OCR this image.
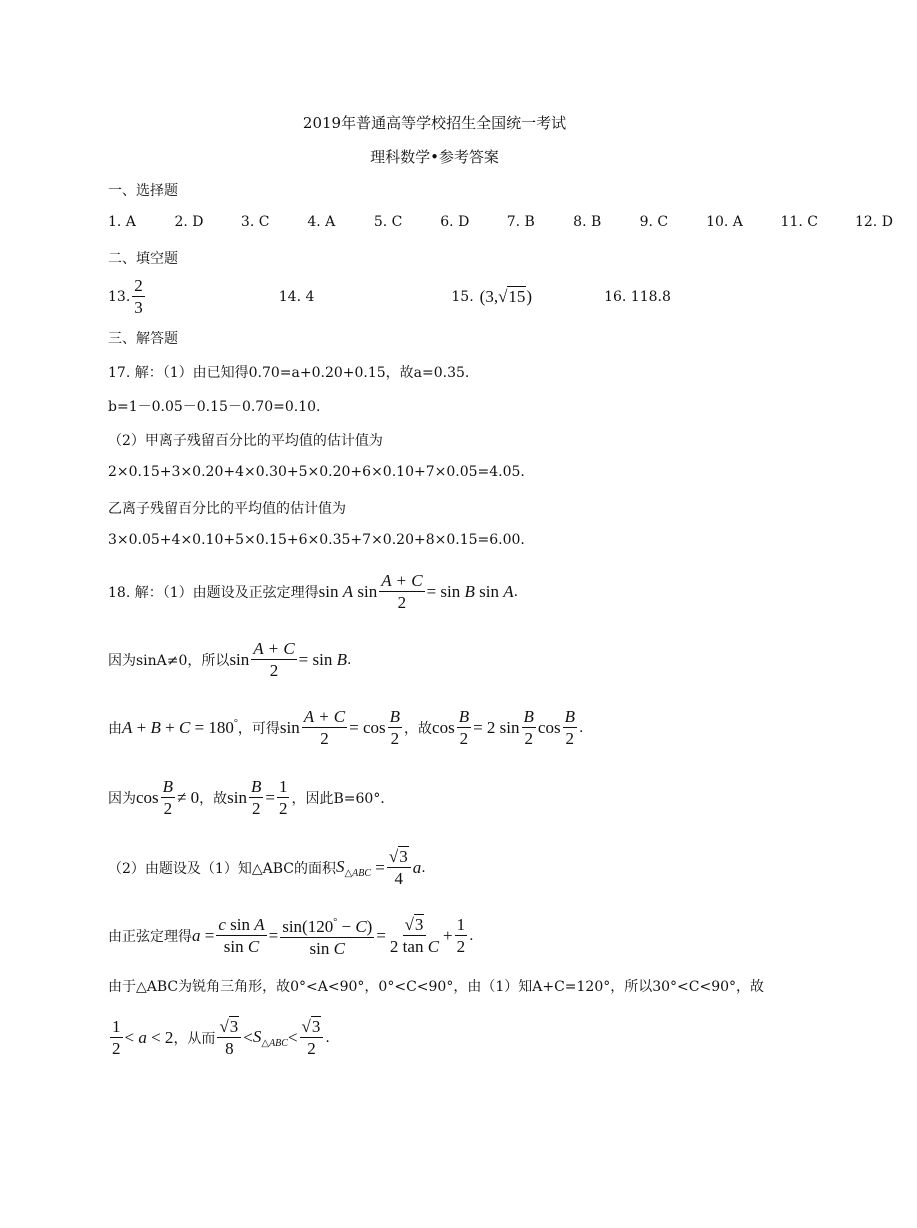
2019年普通高等学校招生全国统一考试
理科数学•参考答案
一、选择题
1. A	2. D	3. C	4. A	5. C	6. D	7. B	8. B	9. C	10. A	11. C	12. D
二、填空题
13. $\frac{2}{3}$	14. 4	15. (3,√15)	16. 118.8
三、解答题
17. 解：（1）由已知得0.70=a+0.20+0.15，故a=0.35.
b=1－0.05－0.15－0.70=0.10.
（2）甲离子残留百分比的平均值的估计值为
2×0.15+3×0.20+4×0.30+5×0.20+6×0.10+7×0.05=4.05.
乙离子残留百分比的平均值的估计值为
3×0.05+4×0.10+5×0.15+6×0.35+7×0.20+8×0.15=6.00.
18. 解：（1）由题设及正弦定理得 sin A $\sin \frac{A + C}{2} = \sin B$ sin A .
因为sinA≠0，所以 $\sin \frac{A + C}{2} = \sin B$ .
由 A + B + C = 180° ，可得 $\sin \frac{A + C}{2} = \cos \frac{B}{2}$ ，故 $\cos \frac{B}{2} = 2$ $\sin \frac{B}{2}$ $\cos \frac{B}{2}$ .
因为 $\cos \frac{B}{2} \ne 0$ ，故 $\sin \frac{B}{2} = \frac{1}{2}$ ，因此B=60°．
（2）由题设及（1）知△ABC的面积 $S_{\triangle ABC} = \frac{√3}{4}$ a .
由正弦定理得 $a = \frac{\text{c sin A}}{\text{sin C}} = \frac{\sin(120^\circ - C)}{\text{sin C}} = \frac{√3}{\text{2 tan C}} + \frac{1}{2}$ .
由于△ABC为锐角三角形，故0°<A<90°，0°<C<90°，由（1）知A+C=120°，所以30°<C<90°，故
$\frac{1}{2} < a < 2$ ，从而 $\frac{√3}{8} < S_{\triangle ABC} < \frac{√3}{2}$ .
